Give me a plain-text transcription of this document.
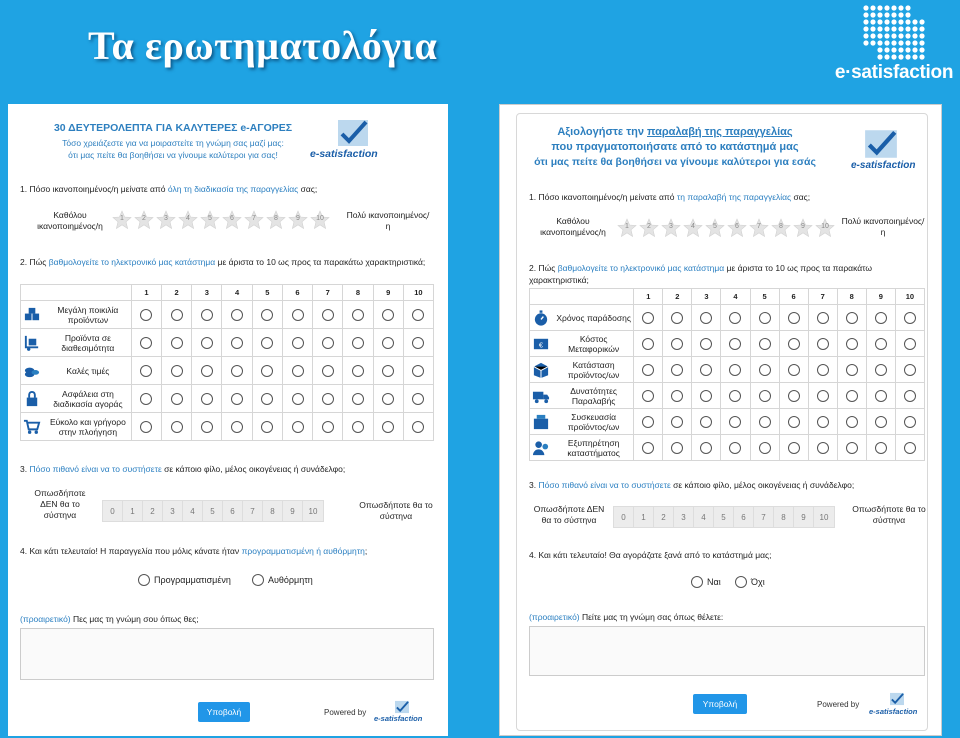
Τα ερωτηματολόγια
e·satisfaction
30 ΔΕΥΤΕΡΟΛΕΠΤΑ ΓΙΑ ΚΑΛΥΤΕΡΕΣ e-ΑΓΟΡΕΣ
Τόσο χρειάζεστε για να μοιραστείτε τη γνώμη σας μαζί μας:
ότι μας πείτε θα βοηθήσει να γίνουμε καλύτεροι για σας!	e-satisfaction
1. Πόσο ικανοποιημένος/η μείνατε από όλη τη διαδικασία της παραγγελίας σας;
Καθόλου ικανοποιημένος/η
1	2	3	4	5	6	7	8	9	10	Πολύ ικανοποιημένος/η
2. Πώς βαθμολογείτε το ηλεκτρονικό μας κατάστημα με άριστα το 10 ως προς τα παρακάτω χαρακτηριστικά;
	1	2	3	4	5	6	7	8	9	10

Μεγάλη ποικιλία προϊόντων										

Προϊόντα σε διαθεσιμότητα										

Καλές τιμές										

Ασφάλεια στη διαδικασία αγοράς										

Εύκολο και γρήγορο στην πλοήγηση										

3. Πόσο πιθανό είναι να το συστήσετε σε κάποιο φίλο, μέλος οικογένειας ή συνάδελφο;
Οπωσδήποτε ΔΕΝ θα το σύστηνα	0	1	2	3	4	5	6	7	8	9	10
Οπωσδήποτε θα το σύστηνα
4. Και κάτι τελευταίο! Η παραγγελία που μόλις κάνατε ήταν προγραμματισμένη ή αυθόρμητη;
Προγραμματισμένη	Αυθόρμητη
(προαιρετικό) Πες μας τη γνώμη σου όπως θες;
Υποβολή	Powered by
e-satisfaction
Αξιολογήστε την παραλαβή της παραγγελίας
που πραγματοποιήσατε από το κατάστημά μας
ότι μας πείτε θα βοηθήσει να γίνουμε καλύτεροι για εσάς	e-satisfaction
1. Πόσο ικανοποιημένος/η μείνατε από τη παραλαβή της παραγγελίας σας;
Καθόλου ικανοποιημένος/η
1	2	3	4	5	6	7	8	9	10
Πολύ ικανοποιημένος/η
2. Πώς βαθμολογείτε το ηλεκτρονικό μας κατάστημα με άριστα το 10 ως προς τα παρακάτω χαρακτηριστικά;
	1	2	3	4	5	6	7	8	9	10

Χρόνος παράδοσης										

€
Κόστος Μεταφορικών										

Κατάσταση προϊόντος/ων										

Δυνατότητες Παραλαβής										

Συσκευασία προϊόντος/ων										

Εξυπηρέτηση καταστήματος										

3. Πόσο πιθανό είναι να το συστήσετε σε κάποιο φίλο, μέλος οικογένειας ή συνάδελφο;
Οπωσδήποτε ΔΕΝ θα το σύστηνα	0	1	2	3	4	5	6	7	8	9	10
Οπωσδήποτε θα το σύστηνα
4. Και κάτι τελευταίο! Θα αγοράζατε ξανά από το κατάστημά μας;
Ναι	Όχι
(προαιρετικό) Πείτε μας τη γνώμη σας όπως θέλετε:
Υποβολή	Powered by
e-satisfaction
